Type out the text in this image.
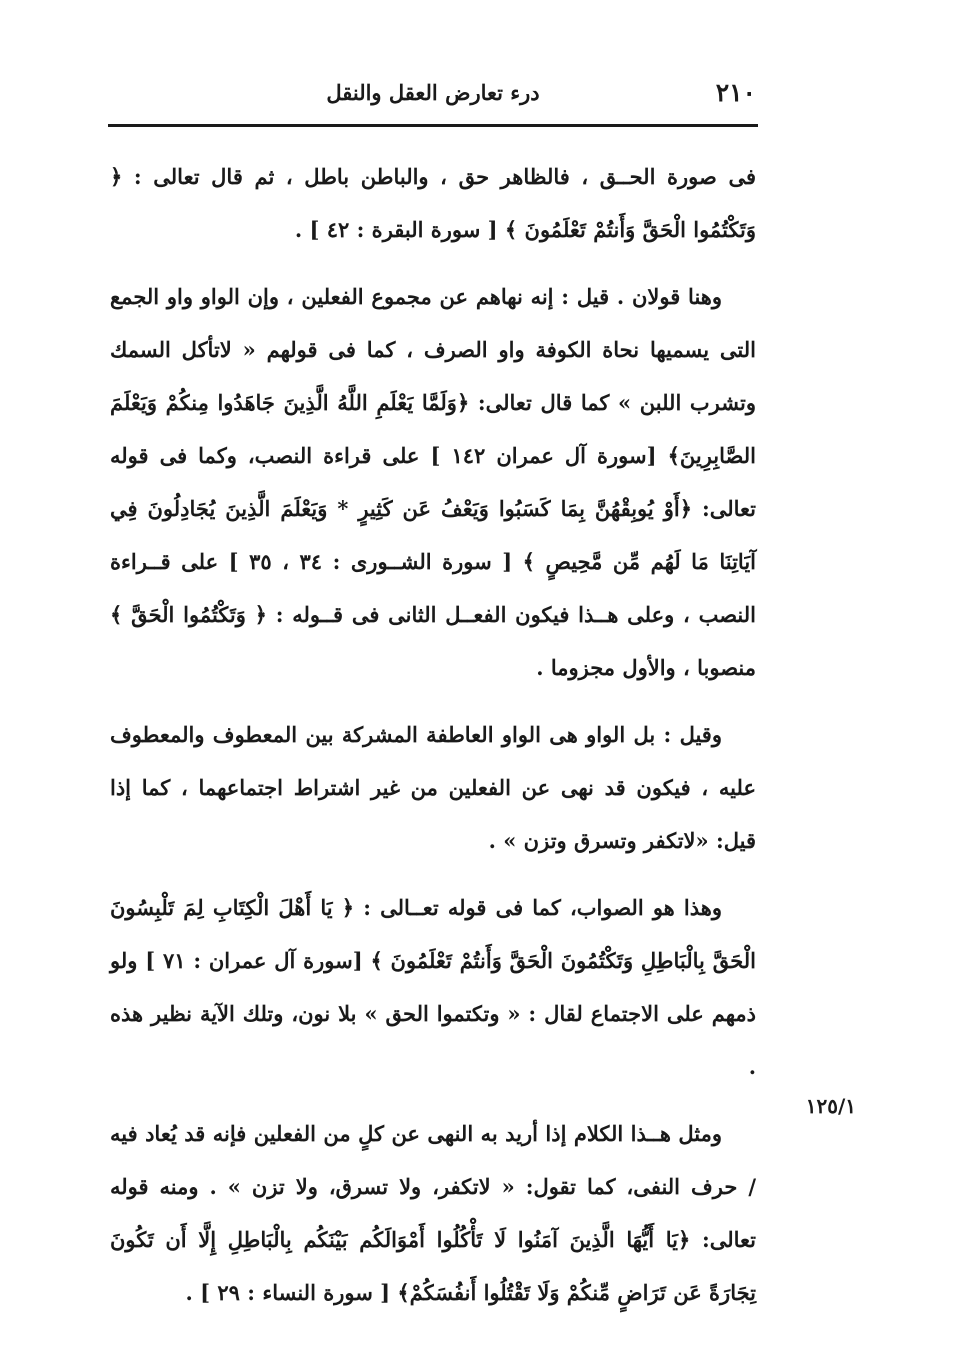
٢١٠
درء تعارض العقل والنقل

فى صورة الحــق ، فالظاهر حق ، والباطن باطل ، ثم قال تعالى : ﴿ وَتَكْتُمُوا الْحَقَّ وَأَنتُمْ تَعْلَمُونَ ﴾ [ سورة البقرة : ٤٢ ] .

وهنا قولان . قيل : إنه نهاهم عن مجموع الفعلين ، وإن الواو واو الجمع التى يسميها نحاة الكوفة واو الصرف ، كما فى قولهم « لاتأكل السمك وتشرب اللبن » كما قال تعالى: ﴿وَلَمَّا يَعْلَمِ اللَّهُ الَّذِينَ جَاهَدُوا مِنكُمْ وَيَعْلَمَ الصَّابِرِينَ﴾ [سورة آل عمران ١٤٢ ] على قراءة النصب، وكما فى قوله تعالى: ﴿أَوْ يُوبِقْهُنَّ بِمَا كَسَبُوا وَيَعْفُ عَن كَثِيرٍ * وَيَعْلَمَ الَّذِينَ يُجَادِلُونَ فِي آيَاتِنَا مَا لَهُم مِّن مَّحِيصٍ ﴾ [ سورة الشــورى : ٣٤ ، ٣٥ ] على قــراءة النصب ، وعلى هــذا فيكون الفعــل الثانى فى قــوله : ﴿ وَتَكْتُمُوا الْحَقَّ ﴾ منصوبا ، والأول مجزوما .

وقيل : بل الواو هى الواو العاطفة المشركة بين المعطوف والمعطوف عليه ، فيكون قد نهى عن الفعلين من غير اشتراط اجتماعهما ، كما إذا قيل: «لاتكفر وتسرق وتزن » .

وهذا هو الصواب، كما فى قوله تعــالى : ﴿ يَا أَهْلَ الْكِتَابِ لِمَ تَلْبِسُونَ الْحَقَّ بِالْبَاطِلِ وَتَكْتُمُونَ الْحَقَّ وَأَنتُمْ تَعْلَمُونَ ﴾ [سورة آل عمران : ٧١ ] ولو ذمهم على الاجتماع لقال : « وتكتموا الحق » بلا نون، وتلك الآية نظير هذه .

ومثل هــذا الكلام إذا أريد به النهى عن كلٍ من الفعلين فإنه قد يُعاد فيه / حرف النفى، كما تقول: « لاتكفر، ولا تسرق، ولا تزن » . ومنه قوله تعالى: ﴿يَا أَيُّهَا الَّذِينَ آمَنُوا لَا تَأْكُلُوا أَمْوَالَكُم بَيْنَكُم بِالْبَاطِلِ إِلَّا أَن تَكُونَ تِجَارَةً عَن تَرَاضٍ مِّنكُمْ وَلَا تَقْتُلُوا أَنفُسَكُمْ﴾ [ سورة النساء : ٢٩ ] .

١٢٥/١
